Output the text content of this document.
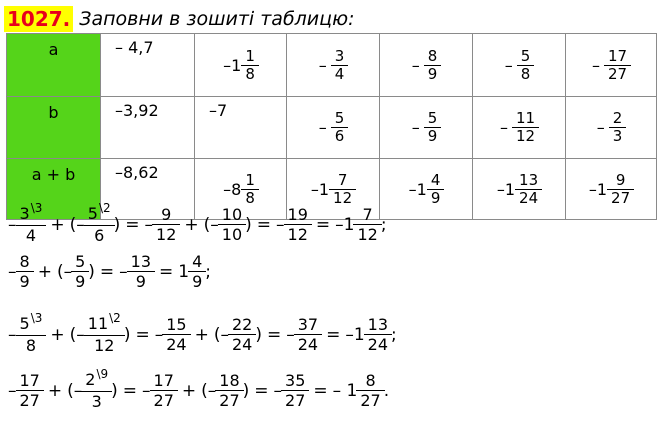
1027. Заповни в зошиті таблицю:
a	– 4,7	$-1 \frac{1}{8}$	– $\frac{3}{4}$	– $\frac{8}{9}$	– $\frac{5}{8}$	– $\frac{17}{27}$

b	–3,92	–7	– $\frac{5}{6}$	– $\frac{5}{9}$	– $\frac{11}{12}$	– $\frac{2}{3}$

a + b	–8,62	$-8 \frac{1}{8}$	$-1 \frac{7}{12}$	$-1 \frac{4}{9}$	$-1 \frac{13}{24}$	$-1 \frac{9}{27}$
– $\frac{3^{\backslash 3}}{4}$ + (– $\frac{5^{\backslash 2}}{6}$ ) = – $\frac{9}{12}$ + (– $\frac{10}{10}$ ) = – $\frac{19}{12} = -1 \frac{7}{12}$ ;
– $\frac{8}{9}$ + (– $\frac{5}{9}$ ) = – $\frac{13}{9} = 1 \frac{4}{9}$ ;
– $\frac{5^{\backslash 3}}{8}$ + (– $\frac{11^{\backslash 2}}{12}$ ) = – $\frac{15}{24}$ + (– $\frac{22}{24}$ ) = – $\frac{37}{24} = -1 \frac{13}{24}$ ;
– $\frac{17}{27}$ + (– $\frac{2^{\backslash 9}}{3}$ ) = – $\frac{17}{27}$ + (– $\frac{18}{27}$ ) = – $\frac{35}{27}$ = – $1 \frac{8}{27}$ .
